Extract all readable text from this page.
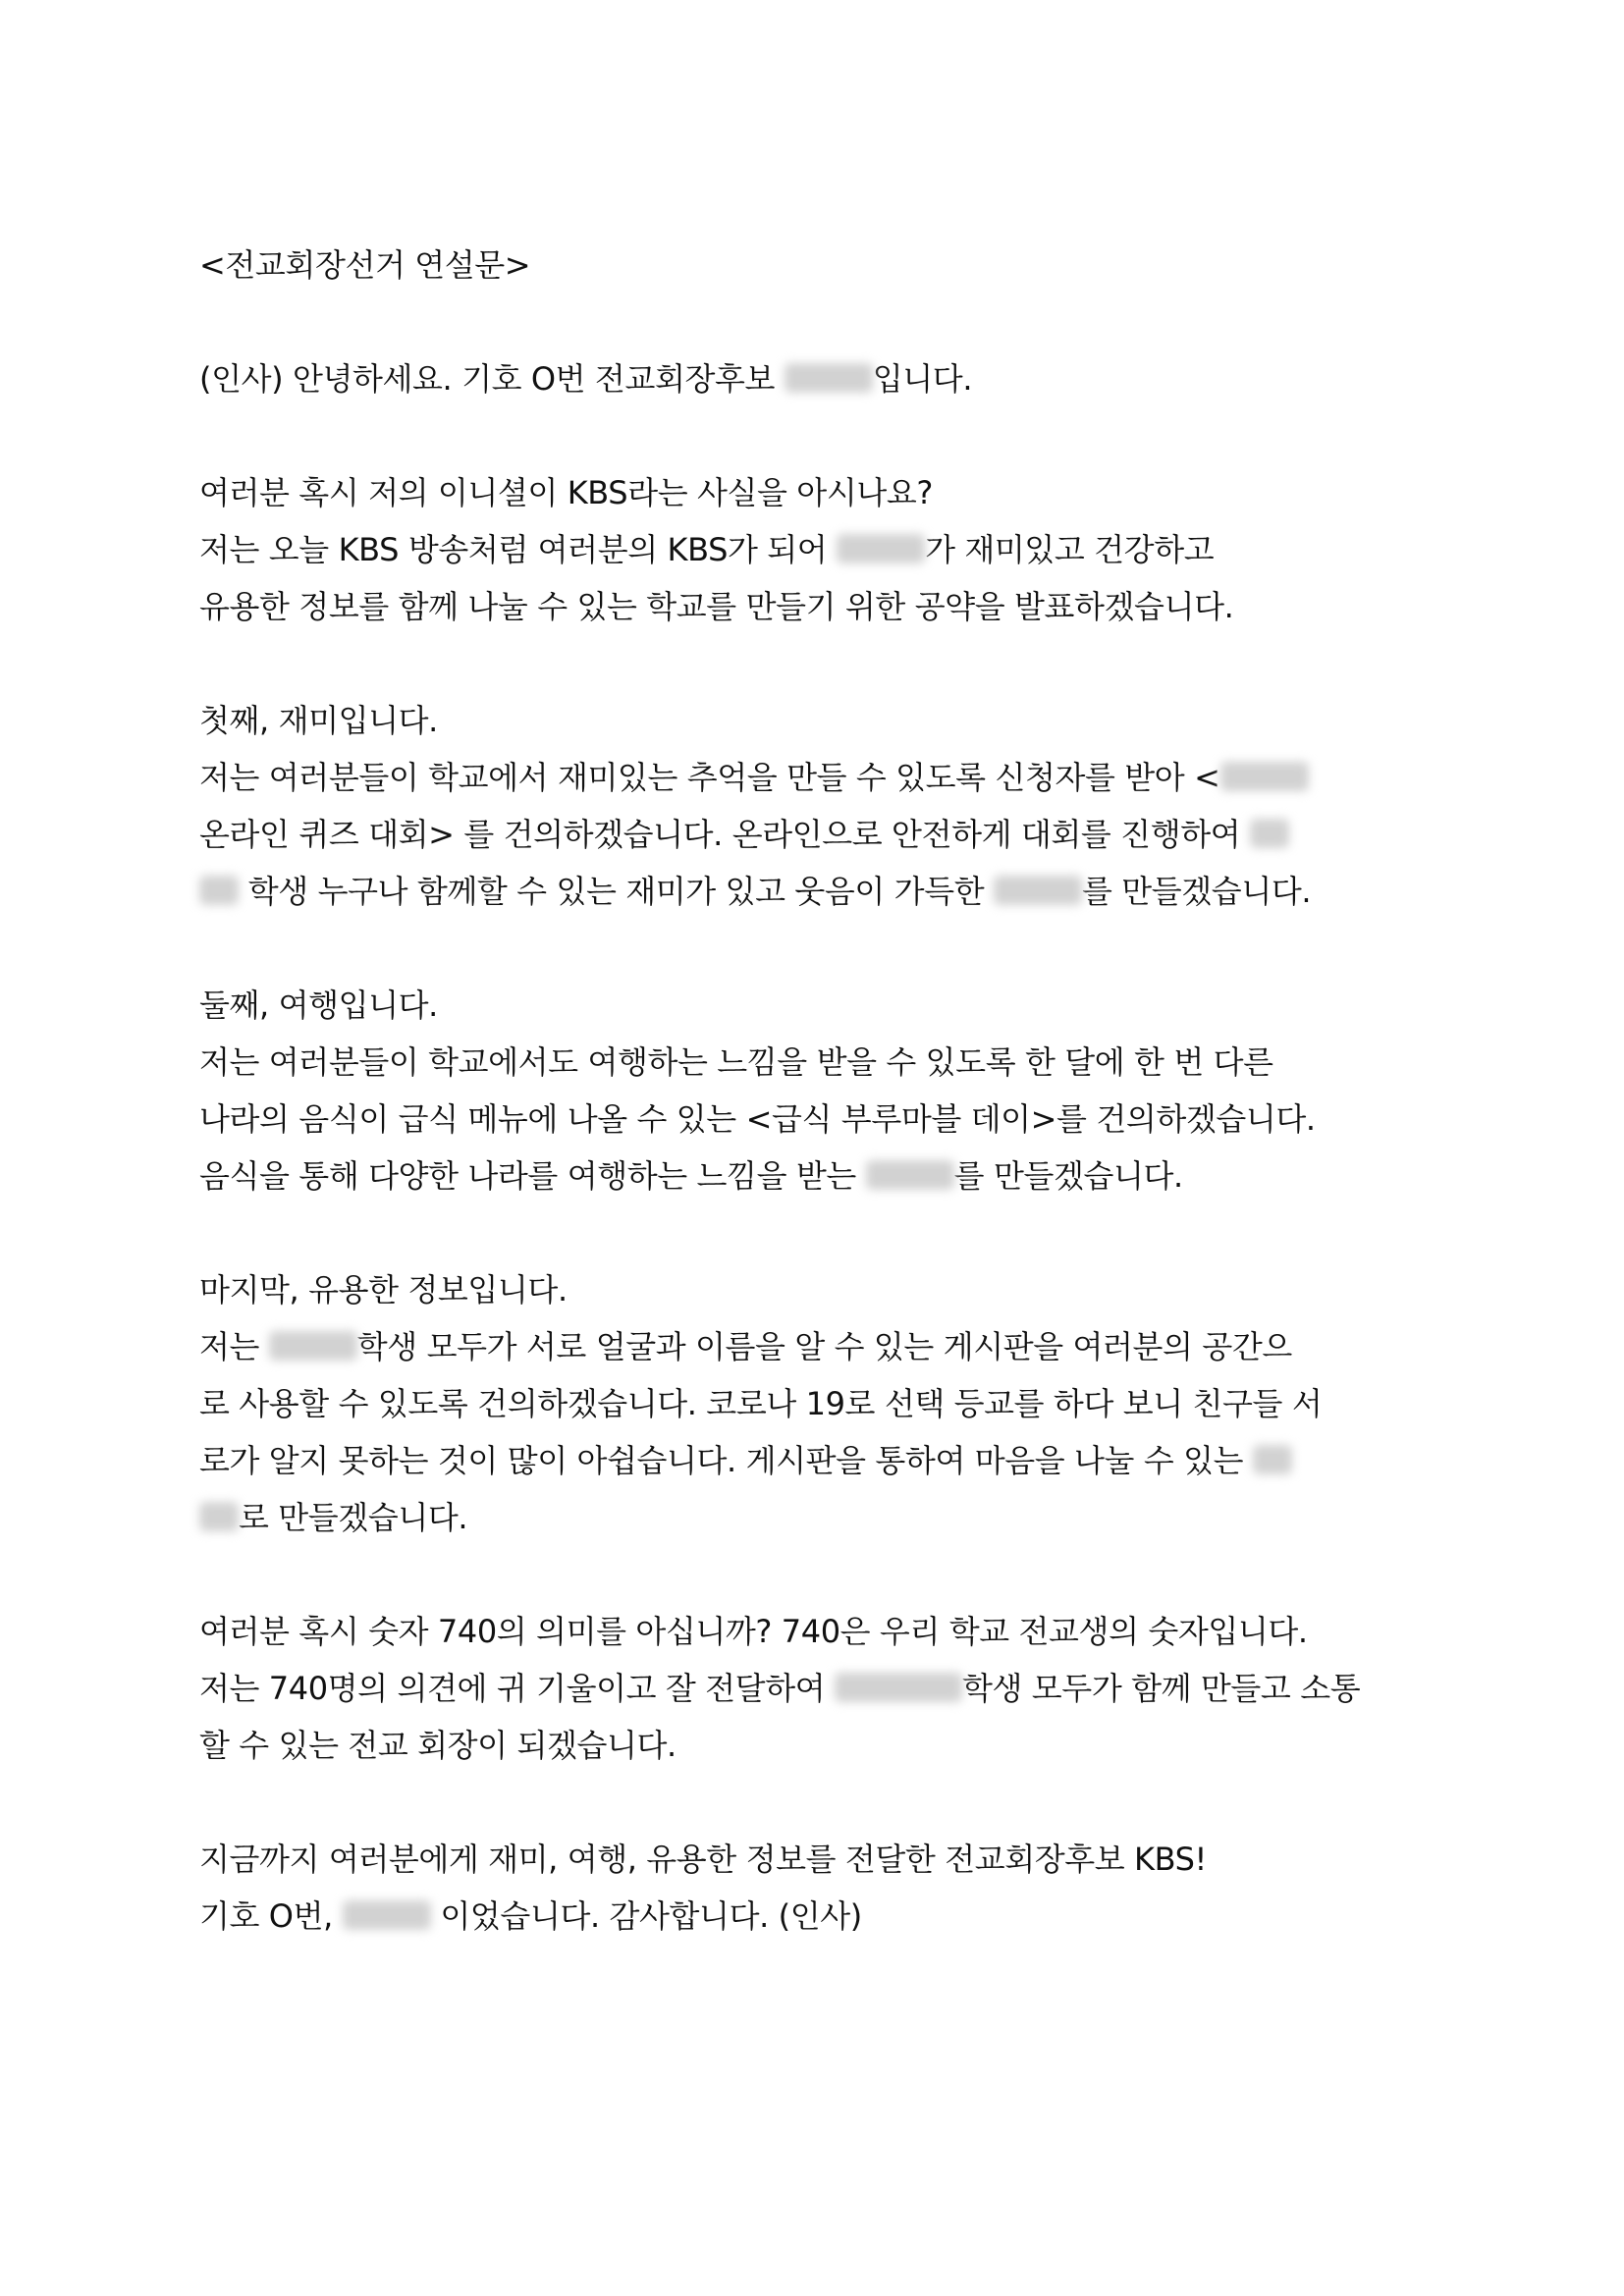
<전교회장선거 연설문>
(인사) 안녕하세요. 기호 O번 전교회장후보	입니다.
여러분 혹시 저의 이니셜이 KBS라는 사실을 아시나요?
저는 오늘 KBS 방송처럼 여러분의 KBS가 되어	가 재미있고 건강하고
유용한 정보를 함께 나눌 수 있는 학교를 만들기 위한 공약을 발표하겠습니다.
첫째, 재미입니다.
저는 여러분들이 학교에서 재미있는 추억을 만들 수 있도록 신청자를 받아 <
온라인 퀴즈 대회> 를 건의하겠습니다. 온라인으로 안전하게 대회를 진행하여
학생 누구나 함께할 수 있는 재미가 있고 웃음이 가득한	를 만들겠습니다.
둘째, 여행입니다.
저는 여러분들이 학교에서도 여행하는 느낌을 받을 수 있도록 한 달에 한 번 다른
나라의 음식이 급식 메뉴에 나올 수 있는 <급식 부루마블 데이>를 건의하겠습니다.
음식을 통해 다양한 나라를 여행하는 느낌을 받는	를 만들겠습니다.
마지막, 유용한 정보입니다.
저는	학생 모두가 서로 얼굴과 이름을 알 수 있는 게시판을 여러분의 공간으
로 사용할 수 있도록 건의하겠습니다. 코로나 19로 선택 등교를 하다 보니 친구들 서
로가 알지 못하는 것이 많이 아쉽습니다. 게시판을 통하여 마음을 나눌 수 있는
로 만들겠습니다.
여러분 혹시 숫자 740의 의미를 아십니까? 740은 우리 학교 전교생의 숫자입니다.
저는 740명의 의견에 귀 기울이고 잘 전달하여	학생 모두가 함께 만들고 소통
할 수 있는 전교 회장이 되겠습니다.
지금까지 여러분에게 재미, 여행, 유용한 정보를 전달한 전교회장후보 KBS!
기호 O번,	이었습니다. 감사합니다. (인사)
